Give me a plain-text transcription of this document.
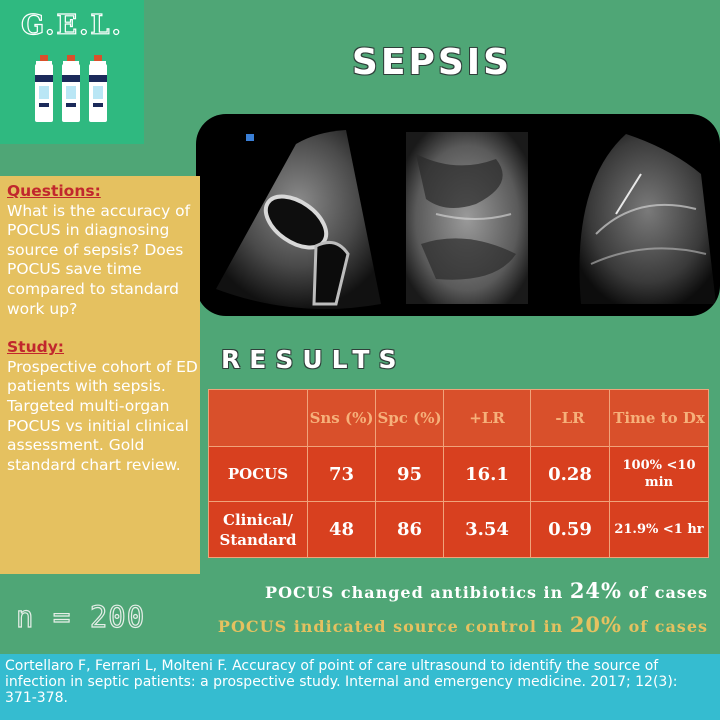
G.E.L.
SEPSIS

Questions:

What is the accuracy of POCUS in diagnosing source of sepsis? Does POCUS save time compared to standard work up?

Study:

Prospective cohort of ED patients with sepsis. Targeted multi-organ POCUS vs initial clinical assessment. Gold standard chart review.

RESULTS
	Sns (%)	Spc (%)	+LR	-LR	Time to Dx
POCUS	73	95	16.1	0.28	100% <10 min
Clinical/ Standard	48	86	3.54	0.59	21.9% <1 hr
POCUS changed antibiotics in 24% of cases
POCUS indicated source control in 20% of cases
n = 200
Cortellaro F, Ferrari L, Molteni F. Accuracy of point of care ultrasound to identify the source of infection in septic patients: a prospective study. Internal and emergency medicine. 2017; 12(3): 371-378.
